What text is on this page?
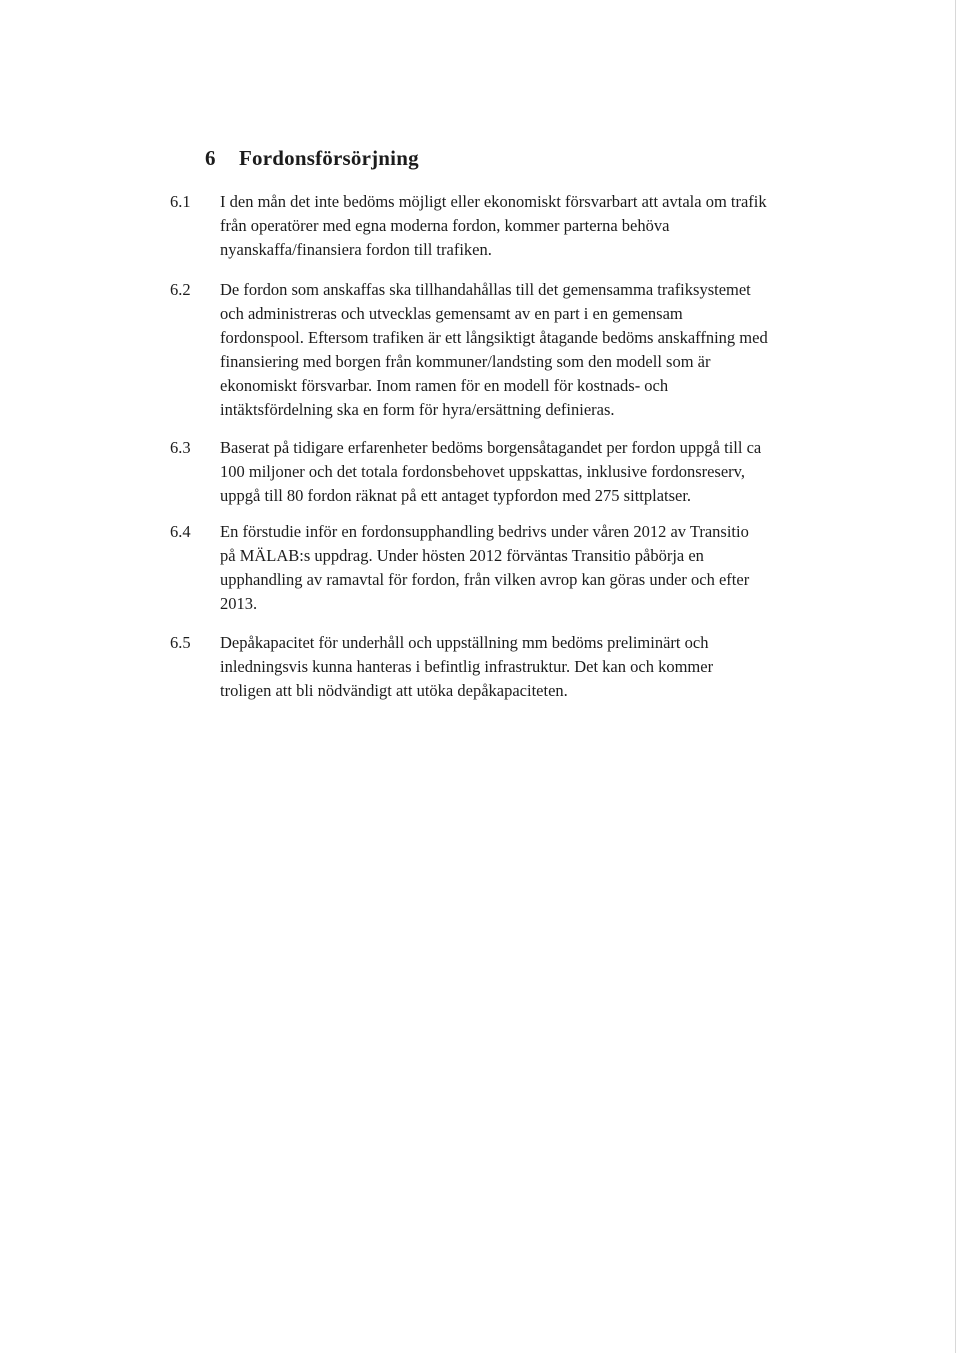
6 Fordonsförsörjning
6.1 I den mån det inte bedöms möjligt eller ekonomiskt försvarbart att avtala om trafik
från operatörer med egna moderna fordon, kommer parterna behöva
nyanskaffa/finansiera fordon till trafiken.
6.2 De fordon som anskaffas ska tillhandahållas till det gemensamma trafiksystemet
och administreras och utvecklas gemensamt av en part i en gemensam
fordonspool. Eftersom trafiken är ett långsiktigt åtagande bedöms anskaffning med
finansiering med borgen från kommuner/landsting som den modell som är
ekonomiskt försvarbar. Inom ramen för en modell för kostnads- och
intäktsfördelning ska en form för hyra/ersättning definieras.
6.3 Baserat på tidigare erfarenheter bedöms borgensåtagandet per fordon uppgå till ca
100 miljoner och det totala fordonsbehovet uppskattas, inklusive fordonsreserv,
uppgå till 80 fordon räknat på ett antaget typfordon med 275 sittplatser.
6.4 En förstudie inför en fordonsupphandling bedrivs under våren 2012 av Transitio
på MÄLAB:s uppdrag. Under hösten 2012 förväntas Transitio påbörja en
upphandling av ramavtal för fordon, från vilken avrop kan göras under och efter
2013.
6.5 Depåkapacitet för underhåll och uppställning mm bedöms preliminärt och
inledningsvis kunna hanteras i befintlig infrastruktur. Det kan och kommer
troligen att bli nödvändigt att utöka depåkapaciteten.
